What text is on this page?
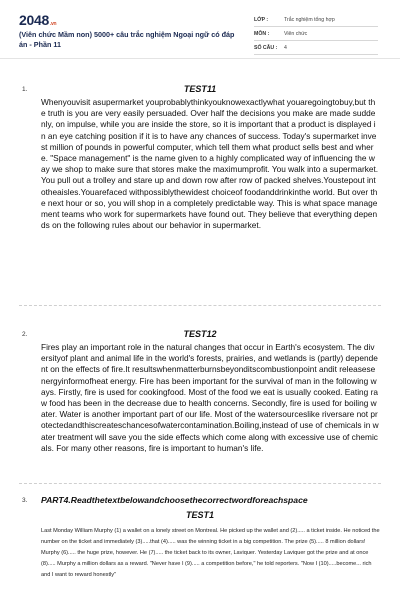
2048.vn
(Viên chức Mầm non) 5000+ câu trắc nghiệm Ngoại ngữ có đáp án - Phần 11
LỚP :	Trắc nghiệm tổng hợp
MÔN :	Viên chức
SỐ CÂU :	4
1.	TEST11
Whenyouvisit asupermarket youprobablythinkyouknowexactlywhat youaregoingtobuy,but the truth is you are very easily persuaded. Over half the decisions you make are made suddenly, on impulse, while you are inside the store, so it is important that a product is displayed in an eye catching position if it is to have any chances of success. Today's supermarket invest million of pounds in powerful computer, which tell them what product sells best and where. "Space management" is the name given to a highly complicated way of influencing the way we shop to make sure that stores make the maximumprofit. You walk into a supermarket. You pull out a trolley and stare up and down row after row of packed shelves.Youstepout intotheaisles.Youarefaced withpossiblythewidest choiceof foodanddrinkinthe world. But over the next hour or so, you will shop in a completely predictable way. This is what space management teams who work for supermarkets have found out. They believe that everything depends on the following rules about our behavior in supermarket.
2.	TEST12
Fires play an important role in the natural changes that occur in Earth's ecosystem. The diversityof plant and animal life in the world's forests, prairies, and wetlands is (partly) dependent on the effects of fire.It resultswhenmatterburnsbeyonditscombustionpoint andit releasesenergyinformofheat energy. Fire has been important for the survival of man in the following ways. Firstly, fire is used for cookingfood. Most of the food we eat is usually cooked. Eating raw food has been in the decrease due to health concerns. Secondly, fire is used for boiling water. Water is another important part of our life. Most of the watersourceslike riversare not protectedandthiscreateschancesofwatercontamination.Boiling,instead of use of chemicals in water treatment will save you the side effects which come along with excessive use of chemicals. For many other reasons, fire is important to human's life.
3. PART4.Readthetextbelowandchoosethecorrectwordforeachspace
TEST1
Last Monday William Murphy (1) a wallet on a lonely street on Montreal. He picked up the wallet and (2)..... a ticket inside. He noticed the number on the ticket and immediately (3).....that (4)..... was the winning ticket in a big competition. The prize (5)..... 8 million dollars! Murphy (6)..... the huge prize, however. He (7)..... the ticket back to its owner, Laviquer. Yesterday Laviquer got the prize and at once (8)..... Murphy a million dollars as a reward. "Never have I (9)..... a competition before," he told reporters. "Now I (10).....become... rich and I want to reward honestly"
